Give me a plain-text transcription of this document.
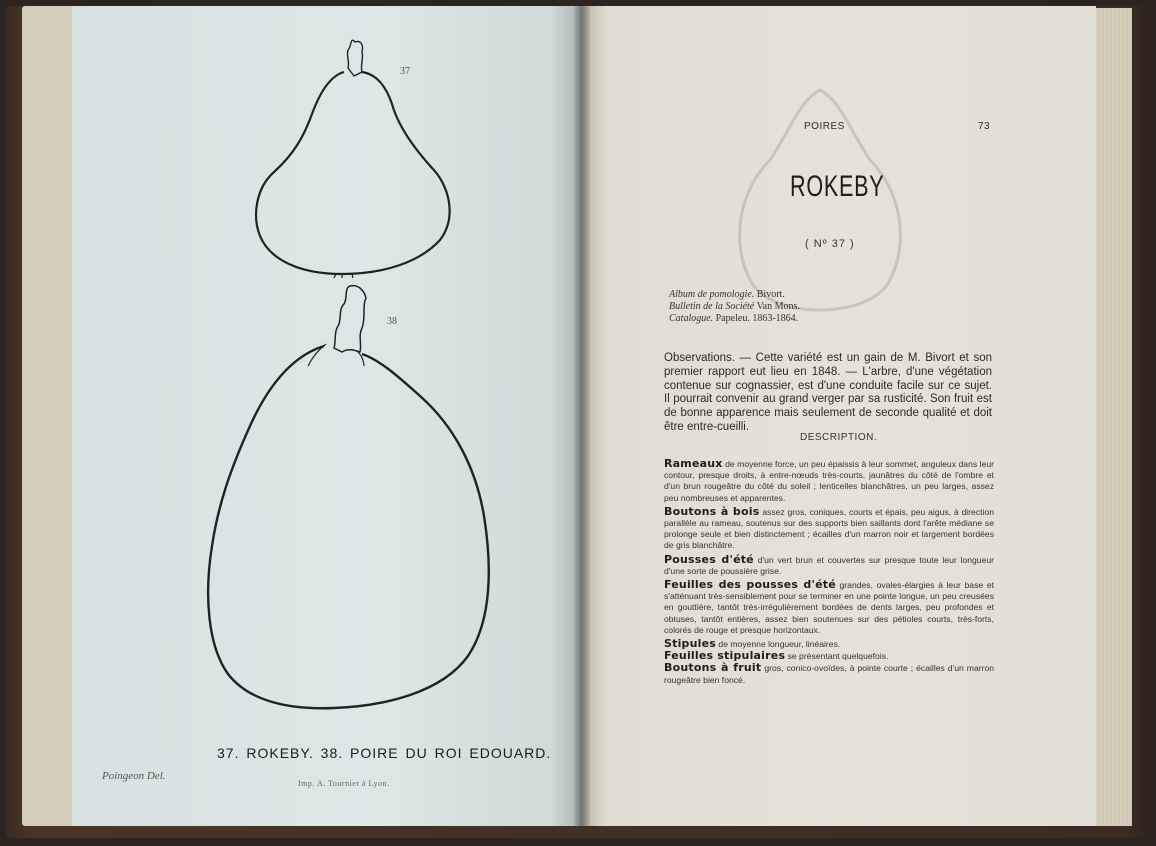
37
38
37. ROKEBY. 38. POIRE DU ROI EDOUARD.
Poingeon Del.
Imp. A. Tournier à Lyon.
POIRES	73
ROKEBY
( Nº 37 )
Album de pomologie. Bivort.
Bulletin de la Société Van Mons.
Catalogue. Papeleu. 1863-1864.
Observations. — Cette variété est un gain de M. Bivort et son premier rapport eut lieu en 1848. — L'arbre, d'une végétation contenue sur cognassier, est d'une conduite facile sur ce sujet. Il pourrait convenir au grand verger par sa rusticité. Son fruit est de bonne apparence mais seulement de seconde qualité et doit être entre-cueilli.
DESCRIPTION.
Rameaux de moyenne force, un peu épaissis à leur sommet, anguleux dans leur contour, presque droits, à entre-nœuds très-courts, jaunâtres du côté de l'ombre et d'un brun rougeâtre du côté du soleil ; lenticelles blanchâtres, un peu larges, assez peu nombreuses et apparentes.
Boutons à bois assez gros, coniques, courts et épais, peu aigus, à direction parallèle au rameau, soutenus sur des supports bien saillants dont l'arête médiane se prolonge seule et bien distinctement ; écailles d'un marron noir et largement bordées de gris blanchâtre.
Pousses d'été d'un vert brun et couvertes sur presque toute leur longueur d'une sorte de poussière grise.
Feuilles des pousses d'été grandes, ovales-élargies à leur base et s'atténuant très-sensiblement pour se terminer en une pointe longue, un peu creusées en gouttière, tantôt très-irrégulièrement bordées de dents larges, peu profondes et obtuses, tantôt entières, assez bien soutenues sur des pétioles courts, très-forts, colorés de rouge et presque horizontaux.
Stipules de moyenne longueur, linéaires.
Feuilles stipulaires se présentant quelquefois.
Boutons à fruit gros, conico-ovoïdes, à pointe courte ; écailles d'un marron rougeâtre bien foncé.
